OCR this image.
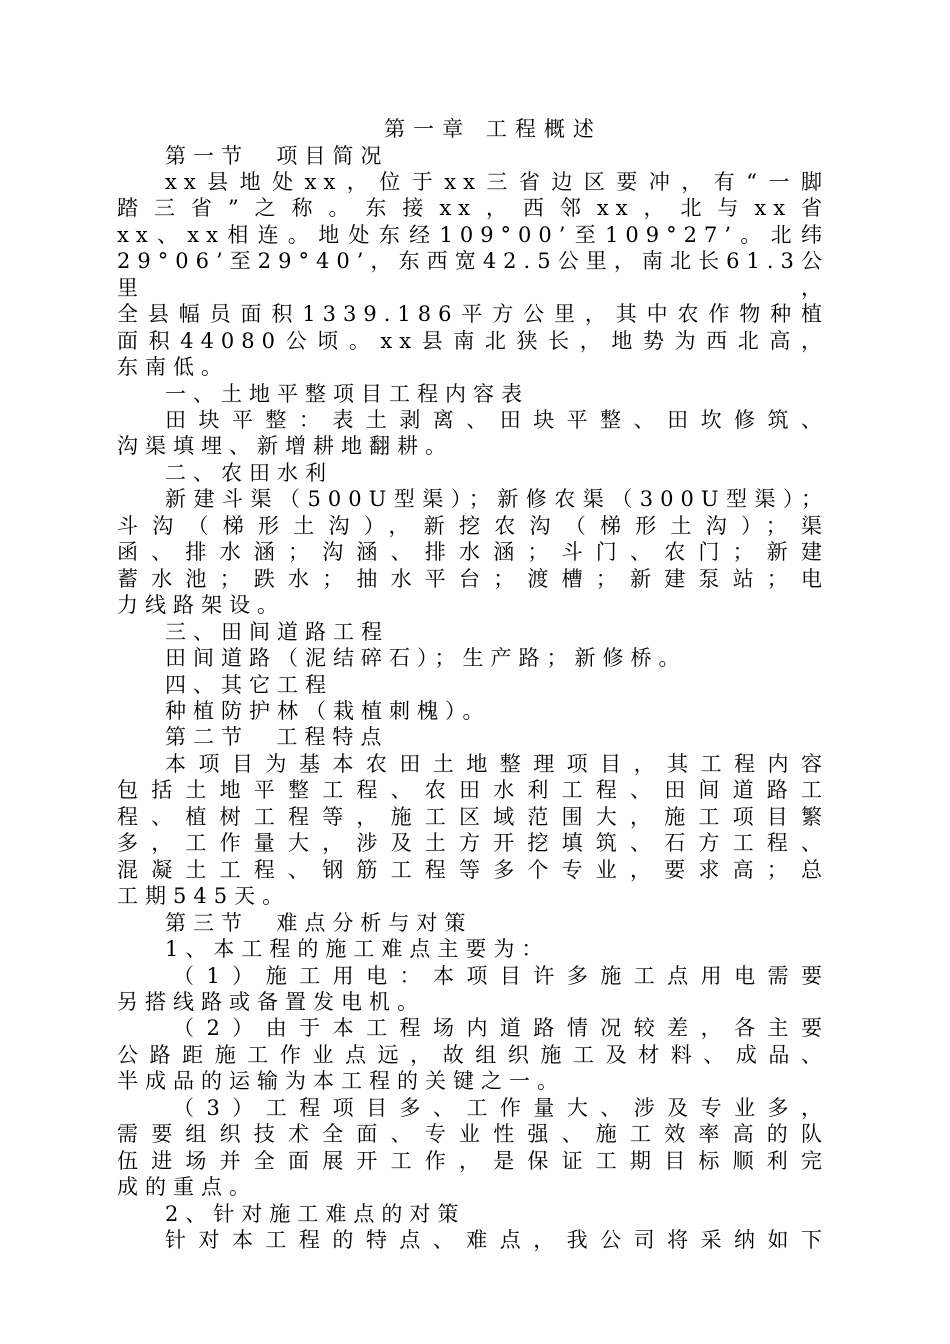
第一章 工程概述

第一节  项目简况

xx县地处xx，位于xx三省边区要冲，有“一脚

踏三省”之称。东接xx，西邻xx，北与xx省

xx、xx相连。地处东经109°00’至109°27’。北纬

29°06’至29°40’，东西宽42.5公里，南北长61.3公里，

全县幅员面积1339.186平方公里，其中农作物种植

面积44080公顷。xx县南北狭长，地势为西北高，

东南低。

一、土地平整项目工程内容表

田块平整：表土剥离、田块平整、田坎修筑、

沟渠填埋、新增耕地翻耕。

二、农田水利

新建斗渠（500U型渠）；新修农渠（300U型渠）；

斗沟（梯形土沟），新挖农沟（梯形土沟）；渠

函、排水涵；沟涵、排水涵；斗门、农门；新建

蓄水池；跌水；抽水平台；渡槽；新建泵站；电

力线路架设。

三、田间道路工程

田间道路（泥结碎石）；生产路；新修桥。

四、其它工程

种植防护林（栽植刺槐）。

第二节  工程特点

本项目为基本农田土地整理项目，其工程内容

包括土地平整工程、农田水利工程、田间道路工

程、植树工程等，施工区域范围大，施工项目繁

多，工作量大，涉及土方开挖填筑、石方工程、

混凝土工程、钢筋工程等多个专业，要求高；总

工期545天。

第三节  难点分析与对策

1、本工程的施工难点主要为：

（1）施工用电：本项目许多施工点用电需要

另搭线路或备置发电机。

（2）由于本工程场内道路情况较差，各主要

公路距施工作业点远，故组织施工及材料、成品、

半成品的运输为本工程的关键之一。

（3）工程项目多、工作量大、涉及专业多，

需要组织技术全面、专业性强、施工效率高的队

伍进场并全面展开工作，是保证工期目标顺利完

成的重点。

2、针对施工难点的对策

针对本工程的特点、难点，我公司将采纳如下
